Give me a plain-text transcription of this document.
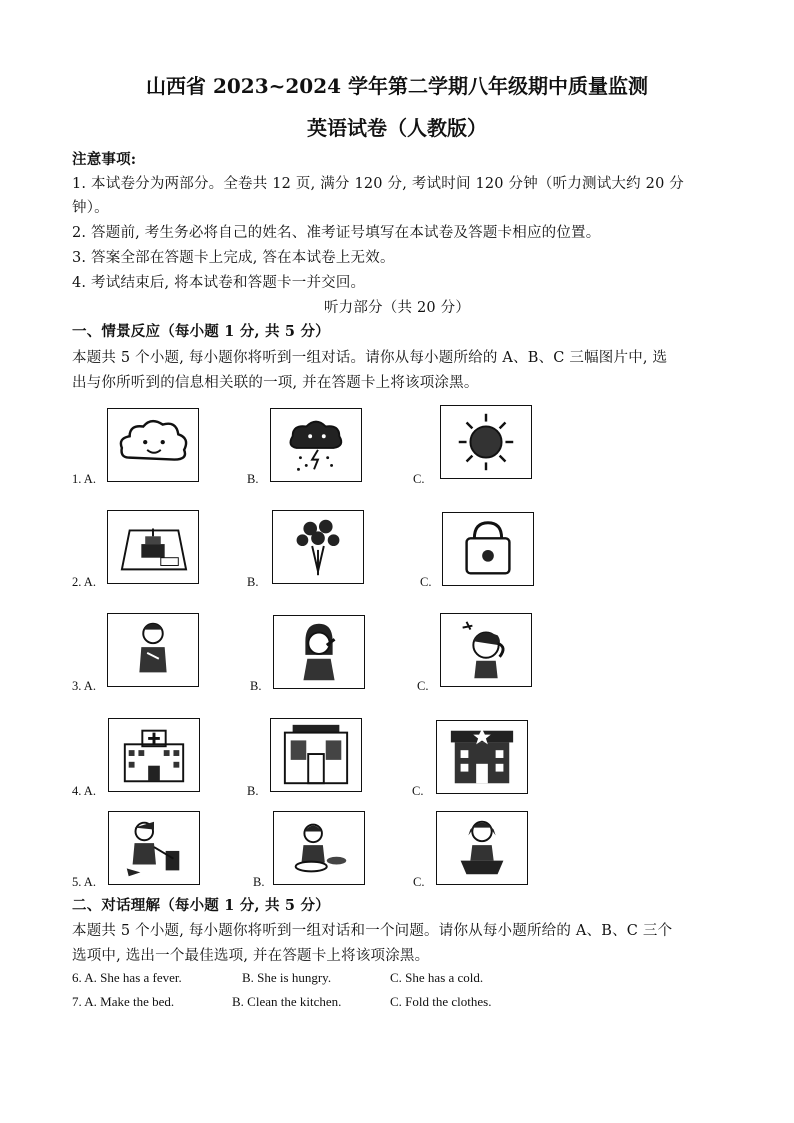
山西省 2023~2024 学年第二学期八年级期中质量监测
英语试卷（人教版）
注意事项:
1. 本试卷分为两部分。全卷共 12 页, 满分 120 分, 考试时间 120 分钟（听力测试大约 20 分
钟）。
2. 答题前, 考生务必将自己的姓名、准考证号填写在本试卷及答题卡相应的位置。
3. 答案全部在答题卡上完成, 答在本试卷上无效。
4. 考试结束后, 将本试卷和答题卡一并交回。
听力部分（共 20 分）
一、情景反应（每小题 1 分, 共 5 分）
本题共 5 个小题, 每小题你将听到一组对话。请你从每小题所给的 A、B、C 三幅图片中, 选
出与你所听到的信息相关联的一项, 并在答题卡上将该项涂黑。
1. A.	B.	C.
2. A.	B.	C.
3. A.	B.	C.
4. A.	B.	C.
5. A.	B.	C.
二、对话理解（每小题 1 分, 共 5 分）
本题共 5 个小题, 每小题你将听到一组对话和一个问题。请你从每小题所给的 A、B、C 三个
选项中, 选出一个最佳选项, 并在答题卡上将该项涂黑。
6. A. She has a fever.	B. She is hungry.	C. She has a cold.
7. A. Make the bed.	B. Clean the kitchen.	C. Fold the clothes.
